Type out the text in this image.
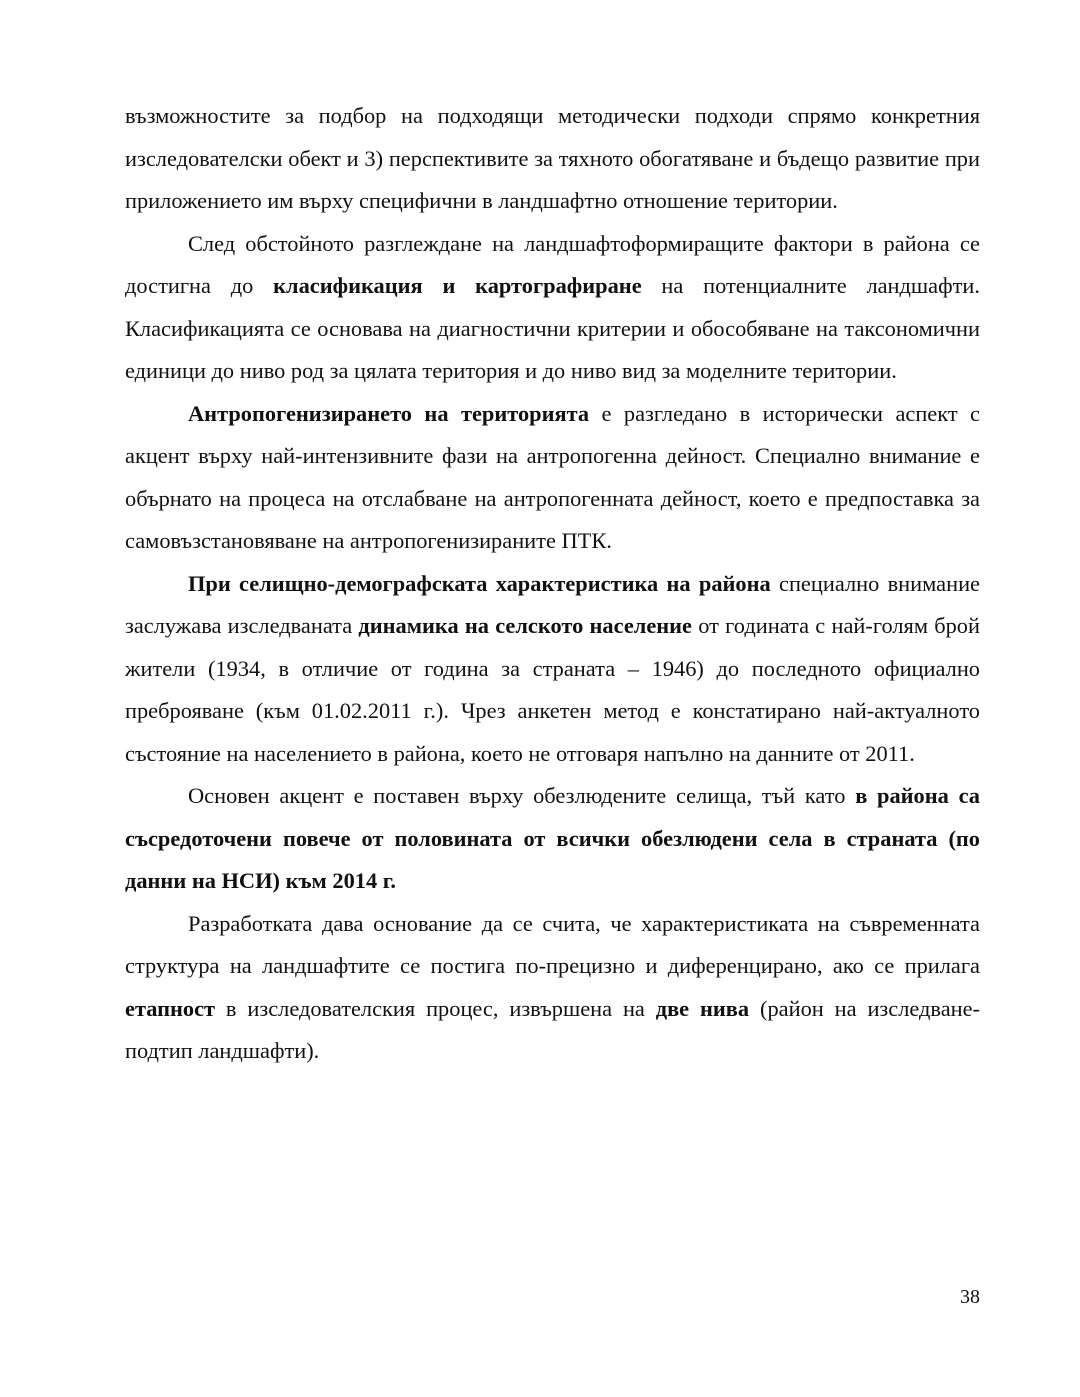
възможностите за подбор на подходящи методически подходи спрямо конкретния изследователски обект и 3) перспективите за тяхното обогатяване и бъдещо развитие при приложението им върху специфични в ландшафтно отношение територии.

След обстойното разглеждане на ландшафтоформиращите фактори в района се достигна до класификация и картографиране на потенциалните ландшафти. Класификацията се основава на диагностични критерии и обособяване на таксономични единици до ниво род за цялата територия и до ниво вид за моделните територии.

Антропогенизирането на територията е разгледано в исторически аспект с акцент върху най-интензивните фази на антропогенна дейност. Специално внимание е обърнато на процеса на отслабване на антропогенната дейност, което е предпоставка за самовъзстановяване на антропогенизираните ПТК.

При селищно-демографската характеристика на района специално внимание заслужава изследваната динамика на селското население от годината с най-голям брой жители (1934, в отличие от година за страната – 1946) до последното официално преброяване (към 01.02.2011 г.). Чрез анкетен метод е констатирано най-актуалното състояние на населението в района, което не отговаря напълно на данните от 2011.

Основен акцент е поставен върху обезлюдените селища, тъй като в района са съсредоточени повече от половината от всички обезлюдени села в страната (по данни на НСИ) към 2014 г.

Разработката дава основание да се счита, че характеристиката на съвременната структура на ландшафтите се постига по-прецизно и диференцирано, ако се прилага етапност в изследователския процес, извършена на две нива (район на изследване-подтип ландшафти).

38
